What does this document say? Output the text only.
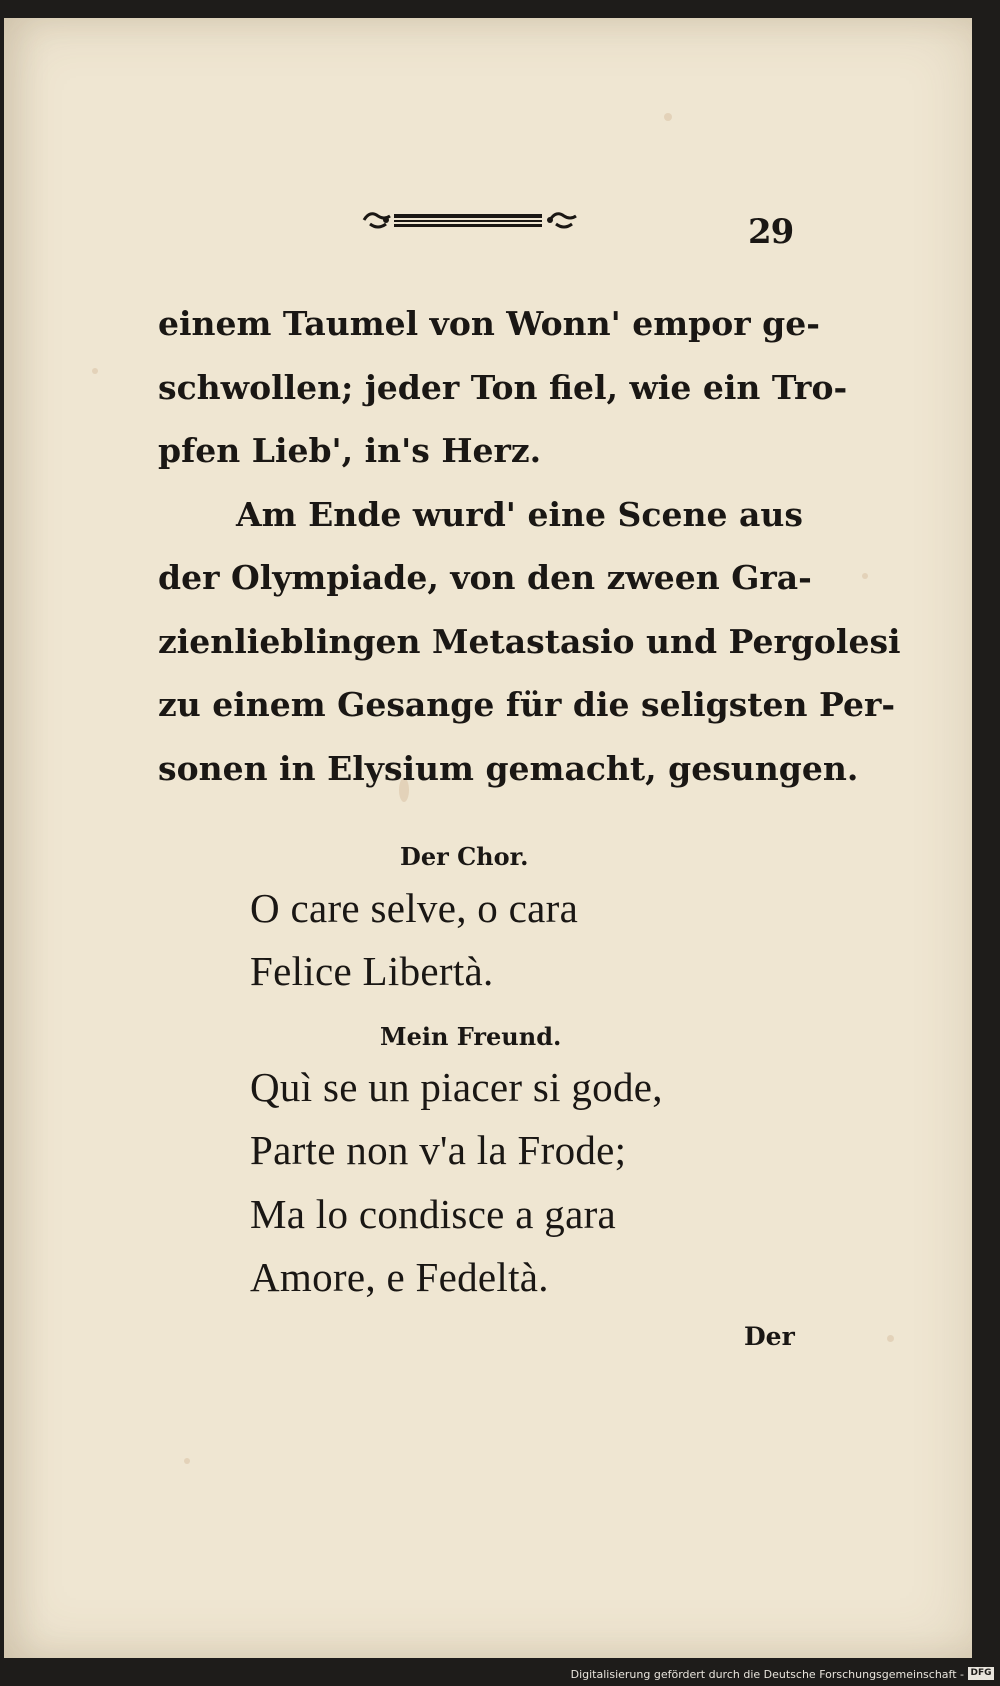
29
einem Taumel von Wonn' empor ge-
schwollen; jeder Ton fiel, wie ein Tro-
pfen Lieb', in's Herz.
Am Ende wurd' eine Scene aus
der Olympiade, von den zween Gra-
zienlieblingen Metastasio und Pergolesi
zu einem Gesange für die seligsten Per-
sonen in Elysium gemacht, gesungen.
Der Chor.
O care selve, o cara
Felice Libertà.
Mein Freund.
Quì se un piacer si gode,
Parte non v'a la Frode;
Ma lo condisce a gara
Amore, e Fedeltà.
Der
Digitalisierung gefördert durch die Deutsche Forschungsgemeinschaft - DFG
